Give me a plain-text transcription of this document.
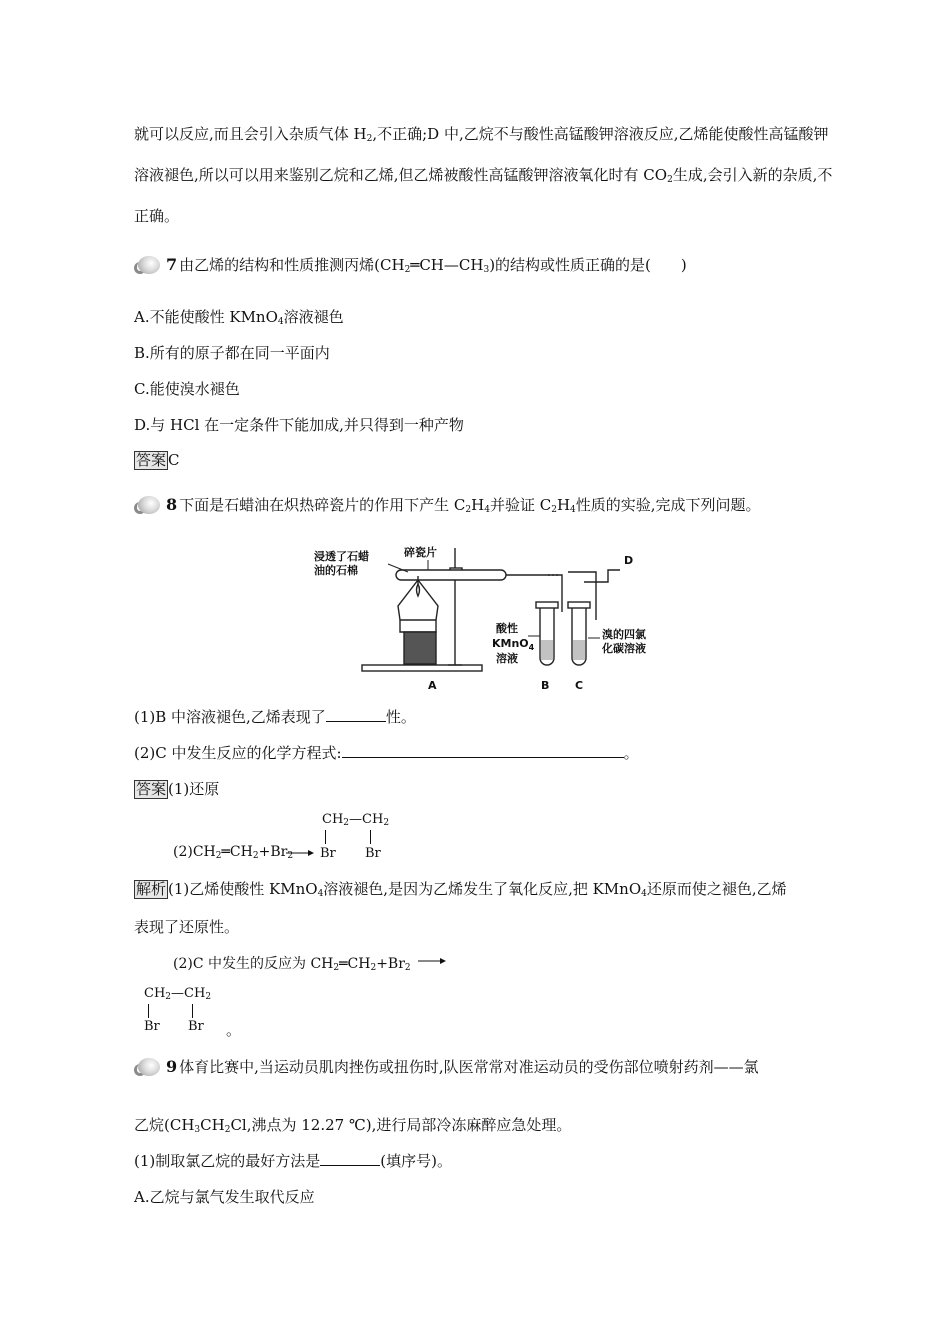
就可以反应,而且会引入杂质气体 $H_2$,不正确;D 中,乙烷不与酸性高锰酸钾溶液反应,乙烯能使酸性高锰酸钾溶液褪色,所以可以用来鉴别乙烷和乙烯,但乙烯被酸性高锰酸钾溶液氧化时有 $CO_2$生成,会引入新的杂质,不正确。
7 由乙烯的结构和性质推测丙烯$(CH_2═CH—CH_3)$的结构或性质正确的是(　　)
A.不能使酸性 KMnO$_4$溶液褪色
B.所有的原子都在同一平面内
C.能使溴水褪色
D.与 HCl 在一定条件下能加成,并只得到一种产物
答案 C
8 下面是石蜡油在炽热碎瓷片的作用下产生 $C_2H_4$并验证 $C_2H_4$性质的实验,完成下列问题。
浸透了石蜡
油的石棉
碎瓷片
酸性
KMnO$_4$
溶液
溴的四氯
化碳溶液
A	B C
D
(1)B 中溶液褪色,乙烯表现了	性。
(2)C 中发生反应的化学方程式:	。
答案 (1)还原
$(2)CH_2═CH_2+Br_2$
$CH_2—CH_2$
Br Br
解析 (1)乙烯使酸性 KMnO$_4$溶液褪色,是因为乙烯发生了氧化反应,把 KMnO$_4$还原而使之褪色,乙烯
表现了还原性。
(2)C 中发生的反应为 $CH_2═CH_2+Br_2$
$CH_2—CH_2$
Br Br 。
9 体育比赛中,当运动员肌肉挫伤或扭伤时,队医常常对准运动员的受伤部位喷射药剂——氯
乙烷($CH_3CH_2Cl$,沸点为 12.27 ℃),进行局部冷冻麻醉应急处理。
(1)制取氯乙烷的最好方法是	(填序号)。
A.乙烷与氯气发生取代反应
